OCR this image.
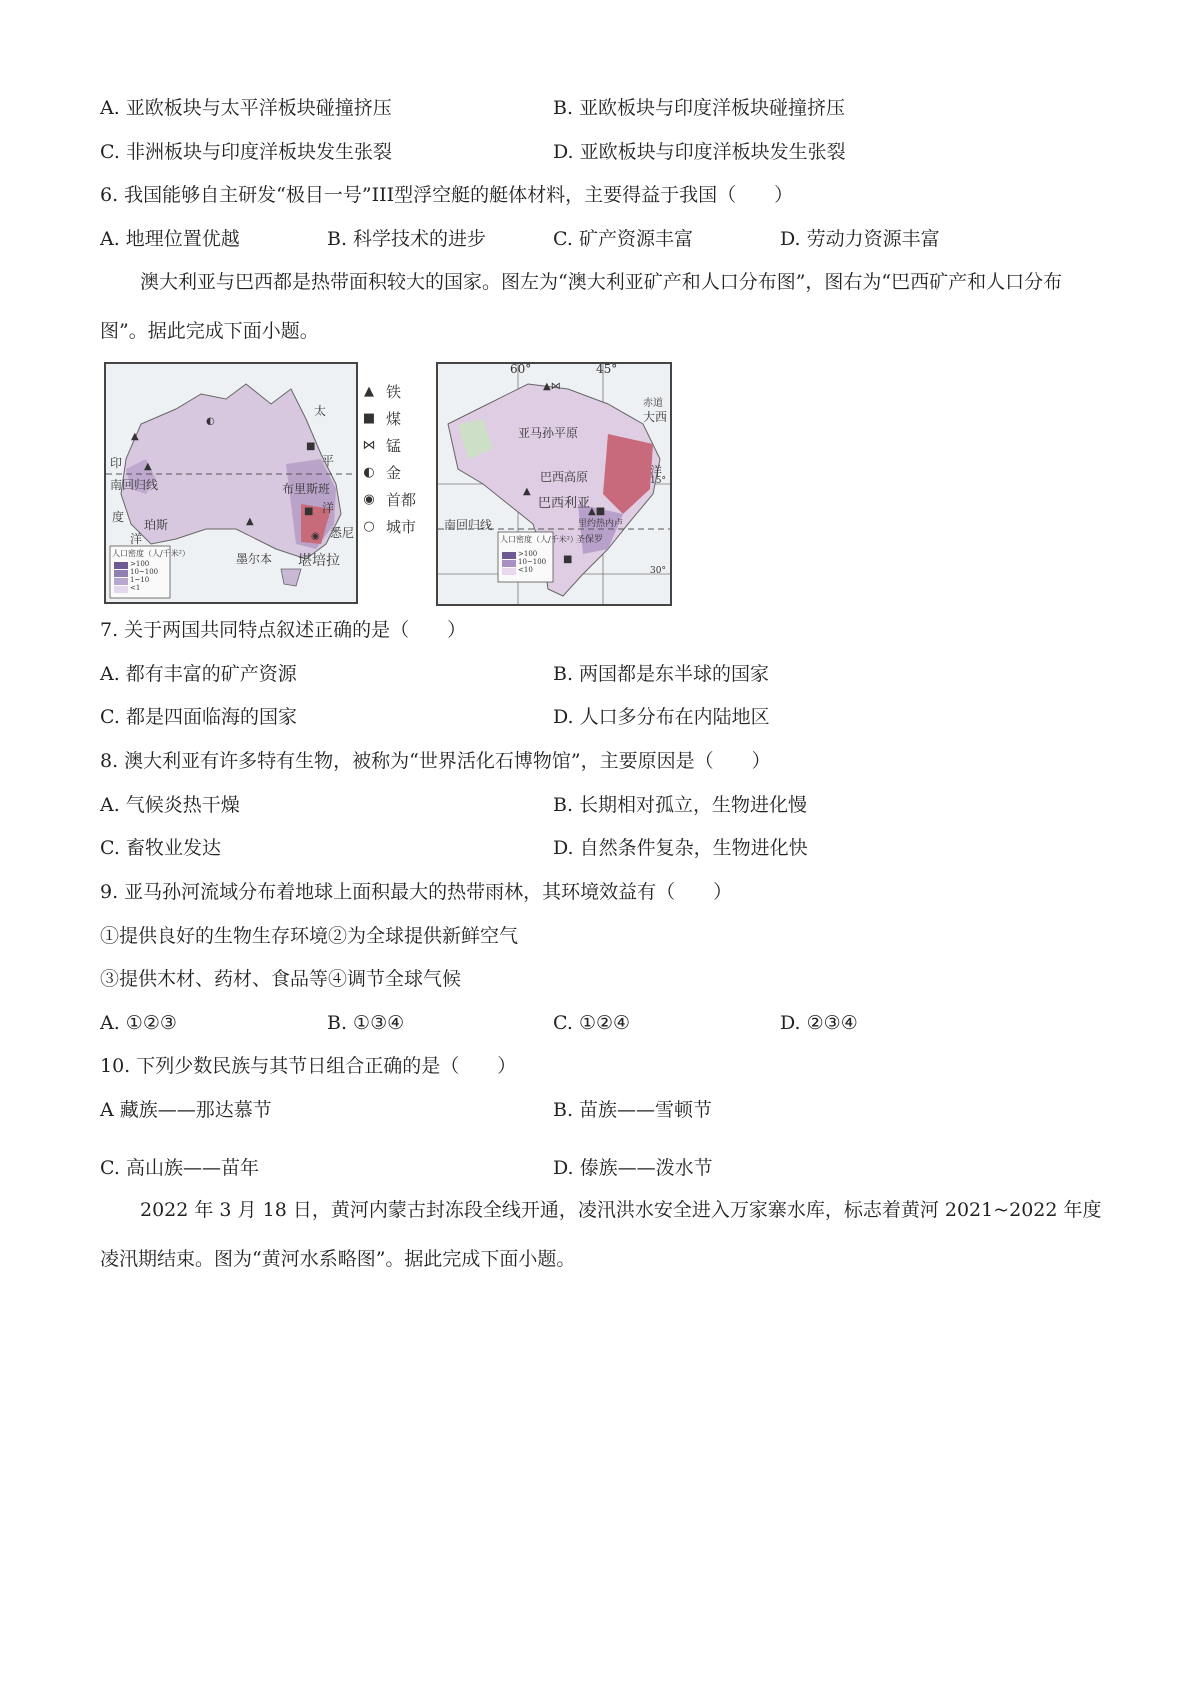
A. 亚欧板块与太平洋板块碰撞挤压	B. 亚欧板块与印度洋板块碰撞挤压
C. 非洲板块与印度洋板块发生张裂	D. 亚欧板块与印度洋板块发生张裂
6. 我国能够自主研发“极目一号”III型浮空艇的艇体材料，主要得益于我国（　　）
A. 地理位置优越	B. 科学技术的进步	C. 矿产资源丰富	D. 劳动力资源丰富
澳大利亚与巴西都是热带面积较大的国家。图左为“澳大利亚矿产和人口分布图”，图右为“巴西矿产和人口分布图”。据此完成下面小题。
▲
▲
◐
■
▲
■
◉
太
平
洋
印
度
洋
南回归线
珀斯
布里斯班
悉尼
墨尔本 堪培拉
人口密度（人/千米²）
>100
10~100
1~10
<1
▲ 铁
■ 煤
⋈ 锰
◐ 金
◉ 首都
○ 城市
▲⋈
▲
▲■
■
60°	45°
亚马孙平原
巴西高原
巴西利亚
里约热内卢
圣保罗
南回归线
15°
30°
赤道
大西
洋
人口密度（人/千米²）
>100
10~100
<10
7. 关于两国共同特点叙述正确的是（　　）
A. 都有丰富的矿产资源	B. 两国都是东半球的国家
C. 都是四面临海的国家	D. 人口多分布在内陆地区
8. 澳大利亚有许多特有生物，被称为“世界活化石博物馆”，主要原因是（　　）
A. 气候炎热干燥	B. 长期相对孤立，生物进化慢
C. 畜牧业发达	D. 自然条件复杂，生物进化快
9. 亚马孙河流域分布着地球上面积最大的热带雨林，其环境效益有（　　）
①提供良好的生物生存环境②为全球提供新鲜空气
③提供木材、药材、食品等④调节全球气候
A. ①②③	B. ①③④	C. ①②④	D. ②③④
10. 下列少数民族与其节日组合正确的是（　　）
A 藏族——那达慕节	B. 苗族——雪顿节
C. 高山族——苗年	D. 傣族——泼水节
2022 年 3 月 18 日，黄河内蒙古封冻段全线开通，凌汛洪水安全进入万家寨水库，标志着黄河 2021~2022 年度凌汛期结束。图为“黄河水系略图”。据此完成下面小题。
